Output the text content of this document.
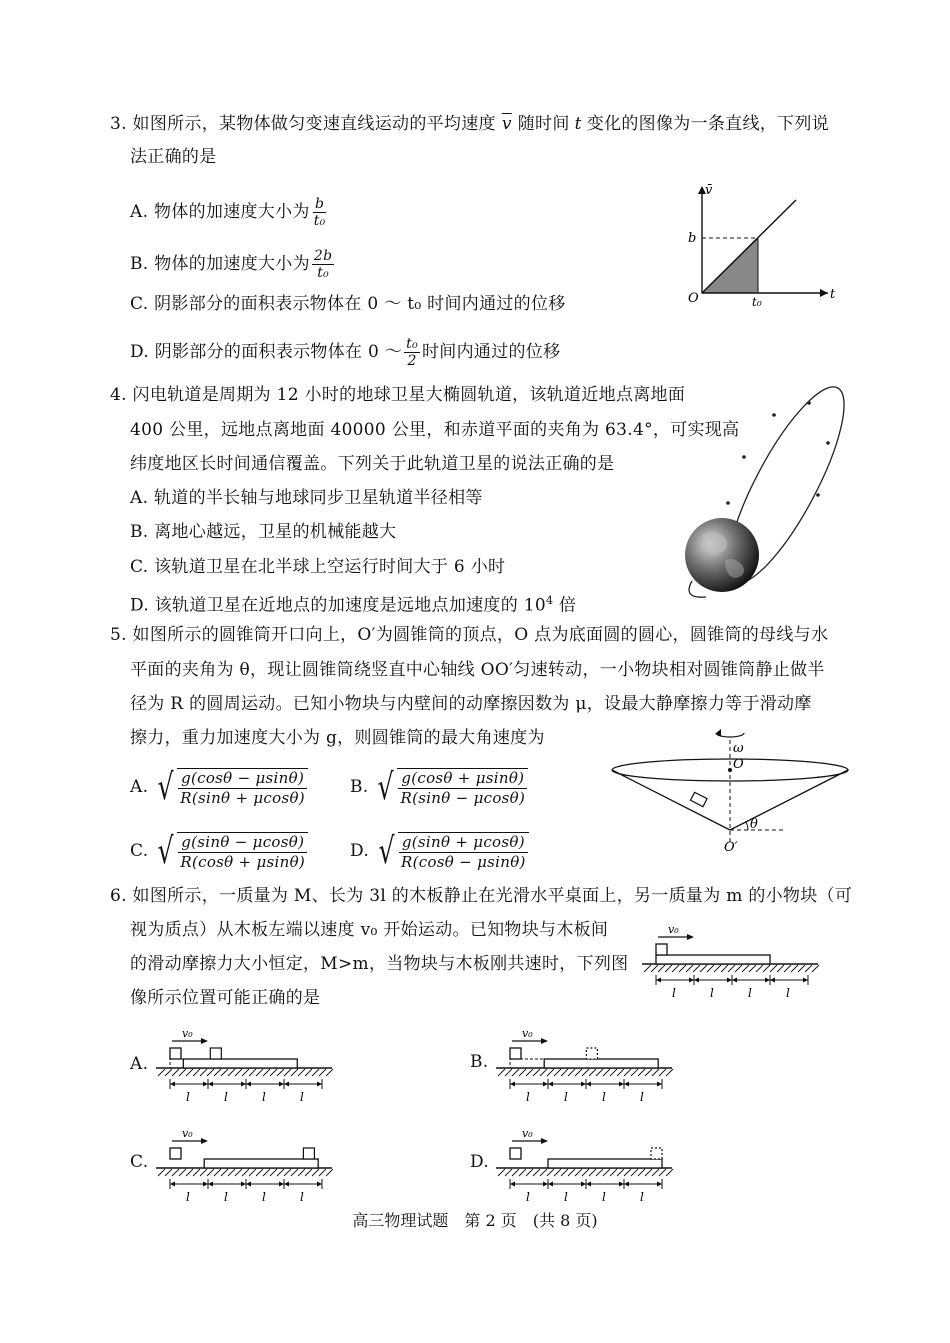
3. 如图所示，某物体做匀变速直线运动的平均速度 $\overline{v}$ 随时间 t 变化的图像为一条直线，下列说
法正确的是
A. 物体的加速度大小为 $\frac{b}{\text{t₀}}$
B. 物体的加速度大小为 $\frac{2b}{\text{t₀}}$
C. 阴影部分的面积表示物体在 0 ～ t₀ 时间内通过的位移
D. 阴影部分的面积表示物体在 0 ～ $\frac{\text{t₀}}{2}$ 时间内通过的位移
v̄
t
O
b
t₀
4. 闪电轨道是周期为 12 小时的地球卫星大椭圆轨道，该轨道近地点离地面
400 公里，远地点离地面 40000 公里，和赤道平面的夹角为 63.4°，可实现高
纬度地区长时间通信覆盖。下列关于此轨道卫星的说法正确的是
A. 轨道的半长轴与地球同步卫星轨道半径相等
B. 离地心越远，卫星的机械能越大
C. 该轨道卫星在北半球上空运行时间大于 6 小时
D. 该轨道卫星在近地点的加速度是远地点加速度的 $10^4$ 倍
5. 如图所示的圆锥筒开口向上，O′为圆锥筒的顶点，O 点为底面圆的圆心，圆锥筒的母线与水
平面的夹角为 θ，现让圆锥筒绕竖直中心轴线 OO′匀速转动，一小物块相对圆锥筒静止做半
径为 R 的圆周运动。已知小物块与内壁间的动摩擦因数为 μ，设最大静摩擦力等于滑动摩
擦力，重力加速度大小为 g，则圆锥筒的最大角速度为
A. √ g(cosθ − μsinθ)
R(sinθ + μcosθ)
B. √ g(cosθ + μsinθ)
R(sinθ − μcosθ)
C. √ g(sinθ − μcosθ)
R(cosθ + μsinθ)
D. √ g(sinθ + μcosθ)
R(cosθ − μsinθ)
ω
O
O′
θ
6. 如图所示，一质量为 M、长为 3l 的木板静止在光滑水平桌面上，另一质量为 m 的小物块（可
视为质点）从木板左端以速度 v₀ 开始运动。已知物块与木板间
的滑动摩擦力大小恒定，M>m，当物块与木板刚共速时，下列图
像所示位置可能正确的是
v₀
l	l	l	l
A.
v₀
l	l	l	l
B.
v₀
l	l	l	l
C.
v₀
l	l	l	l
D.
v₀
l	l	l	l
高三物理试题　第 2 页　(共 8 页)
